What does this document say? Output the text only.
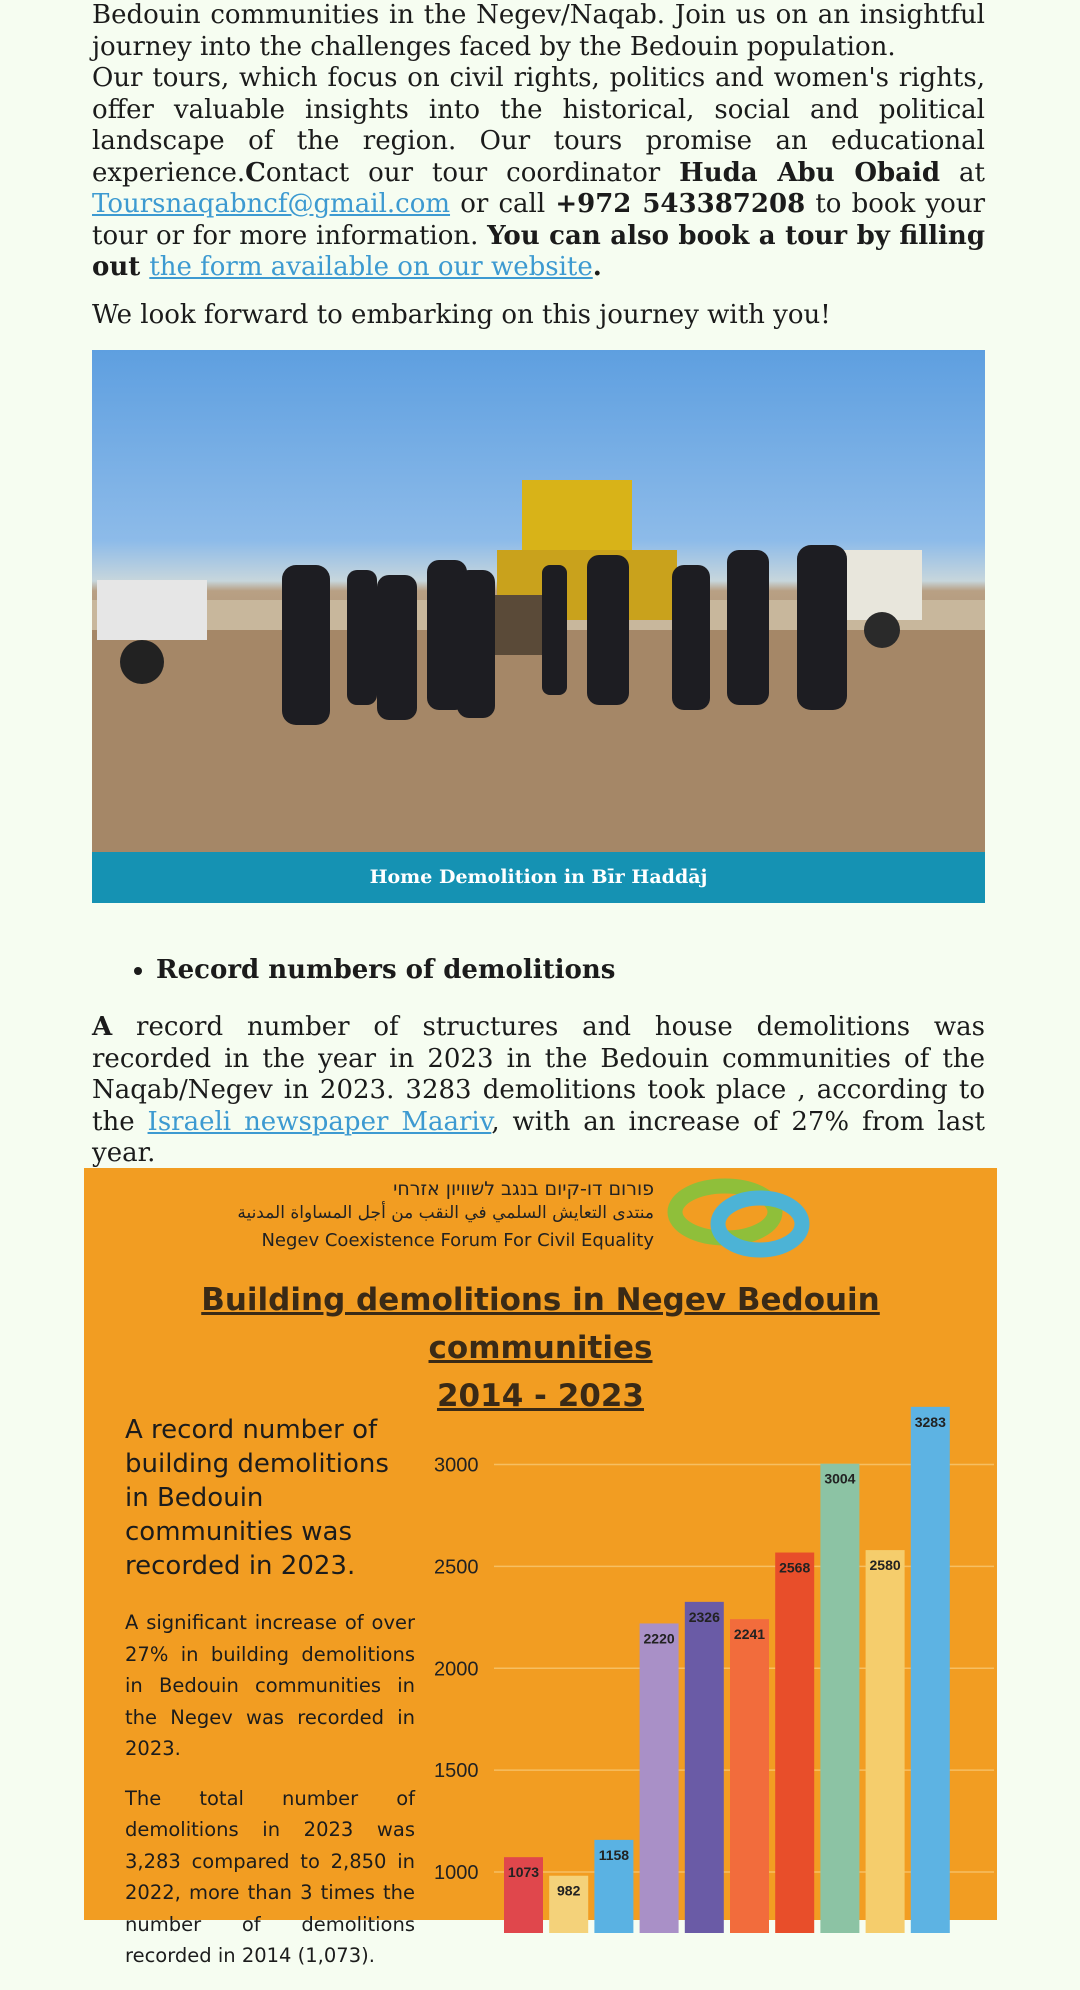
Bedouin communities in the Negev/Naqab. Join us on an insightful journey into the challenges faced by the Bedouin population.

Our tours, which focus on civil rights, politics and women's rights, offer valuable insights into the historical, social and political landscape of the region. Our tours promise an educational experience.Contact our tour coordinator Huda Abu Obaid at Toursnaqabncf@gmail.com or call +972 543387208 to book your tour or for more information. You can also book a tour by filling out the form available on our website.

We look forward to embarking on this journey with you!

Home Demolition in Bīr Haddāj
• Record numbers of demolitions

A record number of structures and house demolitions was recorded in the year in 2023 in the Bedouin communities of the Naqab/Negev in 2023. 3283 demolitions took place , according to the Israeli newspaper Maariv, with an increase of 27% from last year.

פורום דו-קיום בנגב לשוויון אזרחי
منتدى التعايش السلمي في النقب من أجل المساواة المدنية
Negev Coexistence Forum For Civil Equality
Building demolitions in Negev Bedouin communities
2014 - 2023

A record number of building demolitions in Bedouin communities was recorded in 2023.

A significant increase of over 27% in building demolitions in Bedouin communities in the Negev was recorded in 2023.

The total number of demolitions in 2023 was 3,283 compared to 2,850 in 2022, more than 3 times the number of demolitions recorded in 2014 (1,073).

1000
1500
2000
2500
3000
1073
982
1158
2220
2326
2241
2568
3004
2580
3283
